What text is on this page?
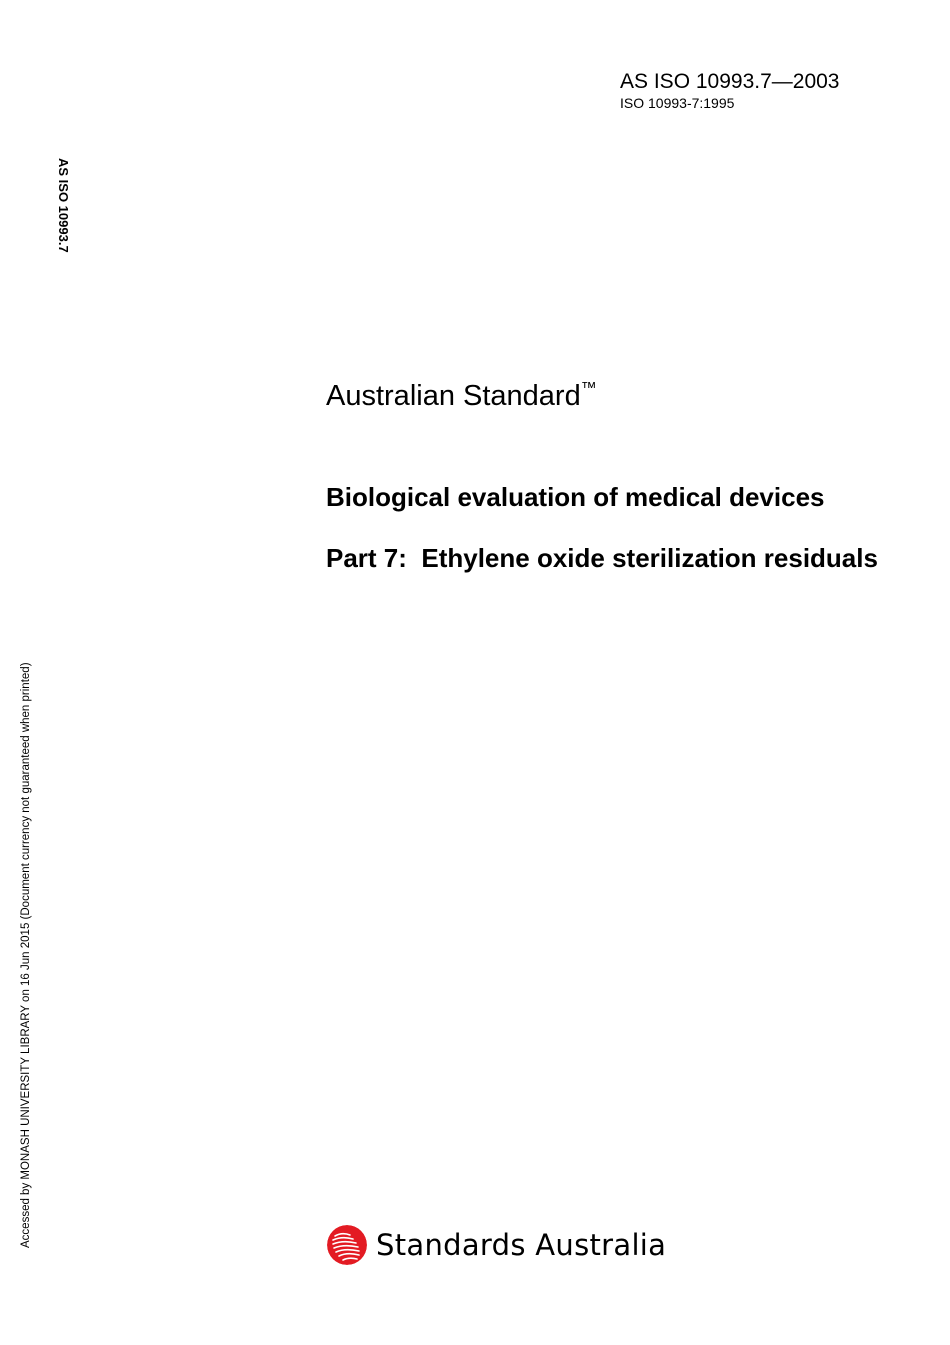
AS ISO 10993.7—2003
ISO 10993-7:1995
AS ISO 10993.7
Accessed by MONASH UNIVERSITY LIBRARY on 16 Jun 2015 (Document currency not guaranteed when printed)
Australian Standard™
Biological evaluation of medical devices
Part 7:  Ethylene oxide sterilization residuals
Standards Australia
